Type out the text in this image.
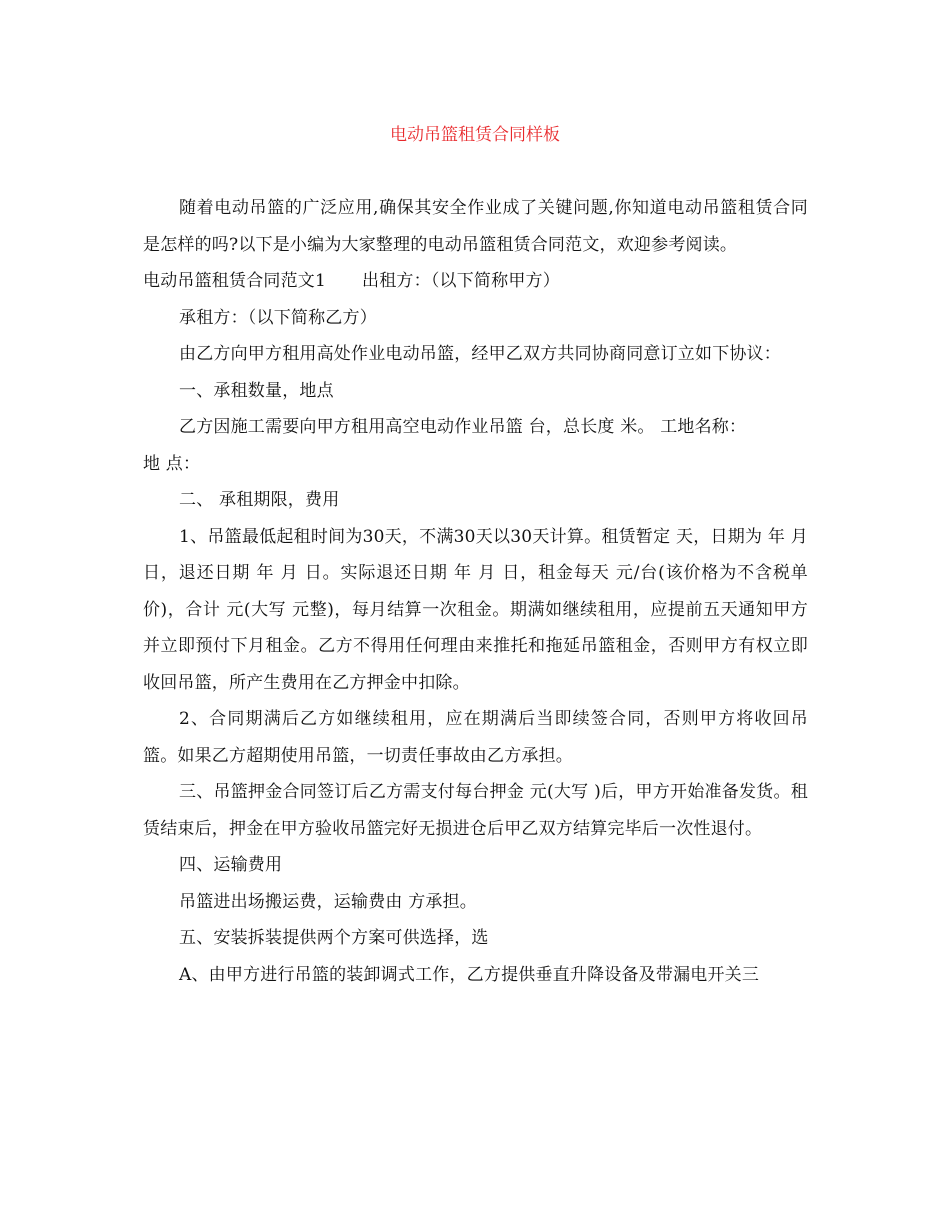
电动吊篮租赁合同样板

随着电动吊篮的广泛应用,确保其安全作业成了关键问题,你知道电动吊篮租赁合同是怎样的吗?以下是小编为大家整理的电动吊篮租赁合同范文，欢迎参考阅读。

电动吊篮租赁合同范文1 出租方：（以下简称甲方）

承租方：（以下简称乙方）

由乙方向甲方租用高处作业电动吊篮，经甲乙双方共同协商同意订立如下协议：

一、承租数量，地点

乙方因施工需要向甲方租用高空电动作业吊篮 台，总长度 米。 工地名称：

地 点：

二、 承租期限，费用

1、吊篮最低起租时间为30天，不满30天以30天计算。租赁暂定 天，日期为 年 月 日，退还日期 年 月 日。实际退还日期 年 月 日，租金每天 元/台(该价格为不含税单价)，合计 元(大写 元整)，每月结算一次租金。期满如继续租用，应提前五天通知甲方并立即预付下月租金。乙方不得用任何理由来推托和拖延吊篮租金，否则甲方有权立即收回吊篮，所产生费用在乙方押金中扣除。

2、合同期满后乙方如继续租用，应在期满后当即续签合同，否则甲方将收回吊篮。如果乙方超期使用吊篮，一切责任事故由乙方承担。

三、吊篮押金合同签订后乙方需支付每台押金 元(大写 )后，甲方开始准备发货。租赁结束后，押金在甲方验收吊篮完好无损进仓后甲乙双方结算完毕后一次性退付。

四、运输费用

吊篮进出场搬运费，运输费由 方承担。

五、安装拆装提供两个方案可供选择，选

A、由甲方进行吊篮的装卸调式工作，乙方提供垂直升降设备及带漏电开关三
